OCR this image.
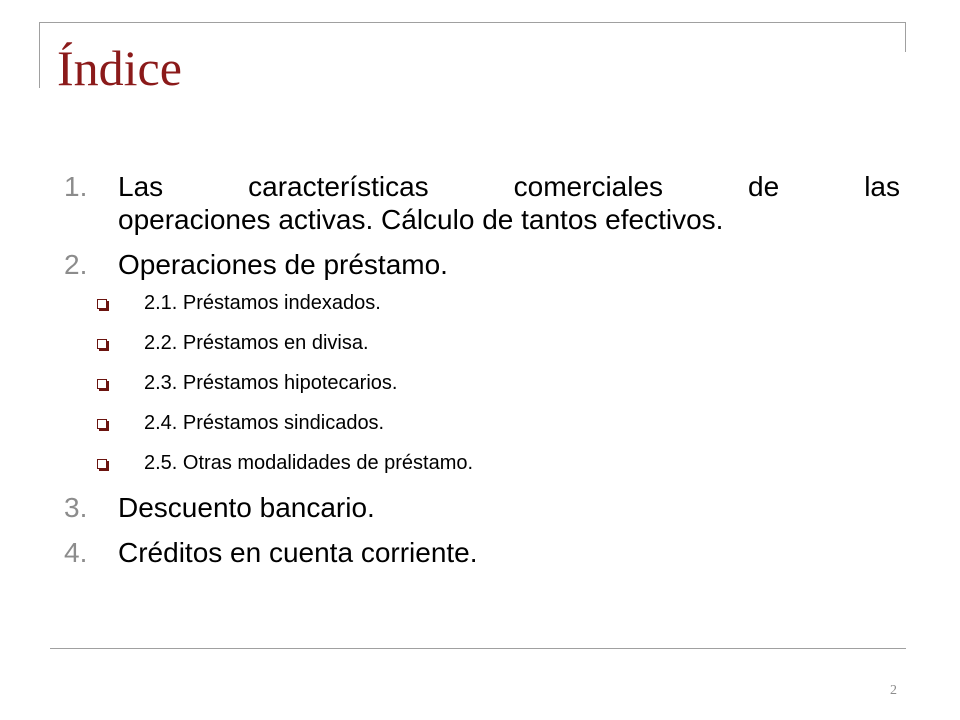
Índice
1. Las	características	comerciales	de	las
operaciones activas. Cálculo de tantos efectivos.
2. Operaciones de préstamo.
2.1. Préstamos indexados.
2.2. Préstamos en divisa.
2.3. Préstamos hipotecarios.
2.4. Préstamos sindicados.
2.5. Otras modalidades de préstamo.
3. Descuento bancario.
4. Créditos en cuenta corriente.
2
